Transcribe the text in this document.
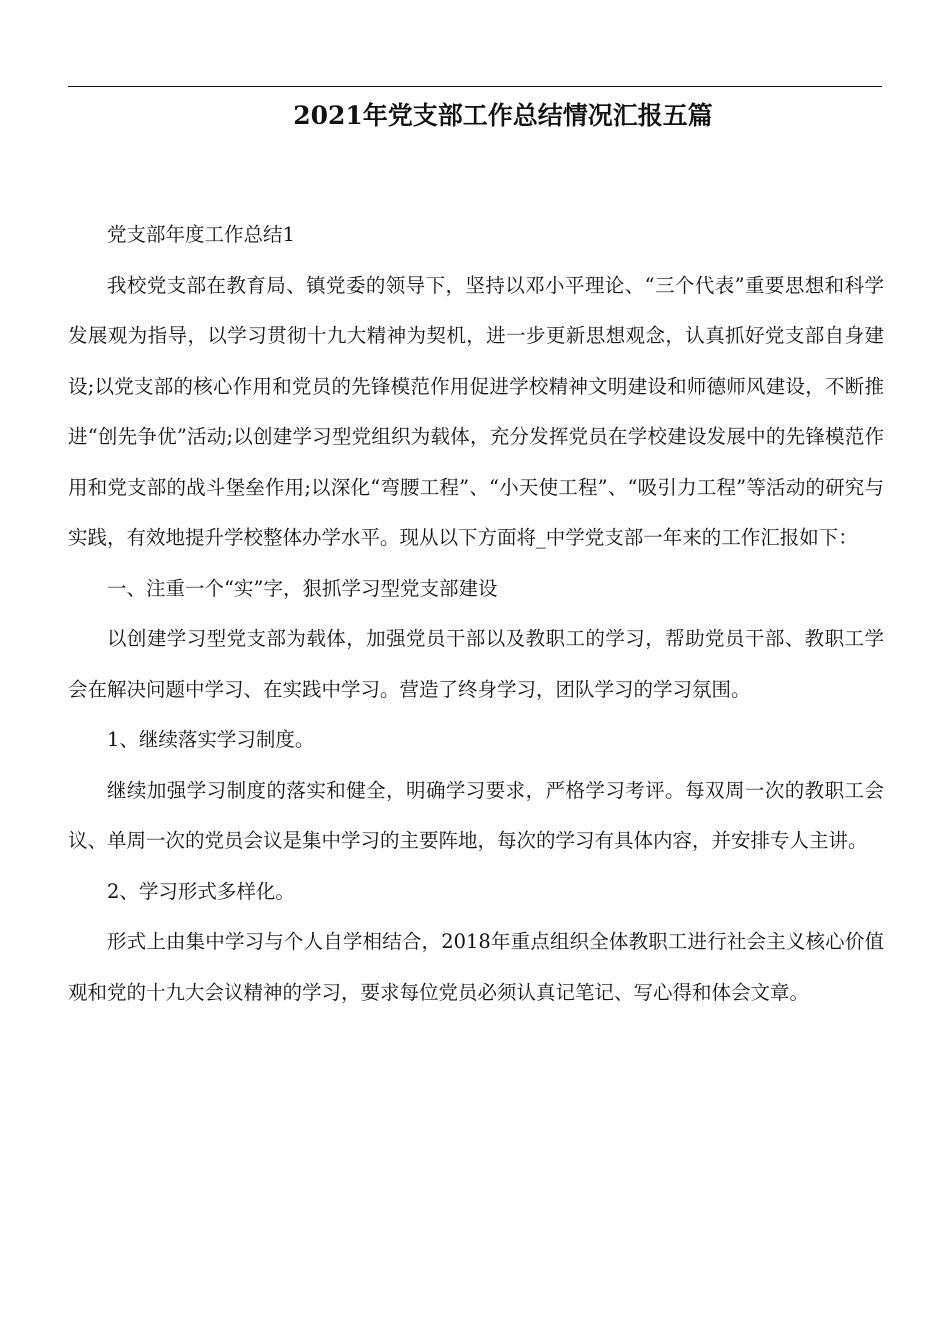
2021年党支部工作总结情况汇报五篇

党支部年度工作总结1

我校党支部在教育局、镇党委的领导下，坚持以邓小平理论、“三个代表”重要思想和科学发展观为指导，以学习贯彻十九大精神为契机，进一步更新思想观念，认真抓好党支部自身建设;以党支部的核心作用和党员的先锋模范作用促进学校精神文明建设和师德师风建设，不断推进“创先争优”活动;以创建学习型党组织为载体，充分发挥党员在学校建设发展中的先锋模范作用和党支部的战斗堡垒作用;以深化“弯腰工程”、“小天使工程”、“吸引力工程”等活动的研究与实践，有效地提升学校整体办学水平。现从以下方面将_中学党支部一年来的工作汇报如下：

一、注重一个“实”字，狠抓学习型党支部建设

以创建学习型党支部为载体，加强党员干部以及教职工的学习，帮助党员干部、教职工学会在解决问题中学习、在实践中学习。营造了终身学习，团队学习的学习氛围。

1、继续落实学习制度。

继续加强学习制度的落实和健全，明确学习要求，严格学习考评。每双周一次的教职工会议、单周一次的党员会议是集中学习的主要阵地，每次的学习有具体内容，并安排专人主讲。

2、学习形式多样化。

形式上由集中学习与个人自学相结合，2018年重点组织全体教职工进行社会主义核心价值观和党的十九大会议精神的学习，要求每位党员必须认真记笔记、写心得和体会文章。
